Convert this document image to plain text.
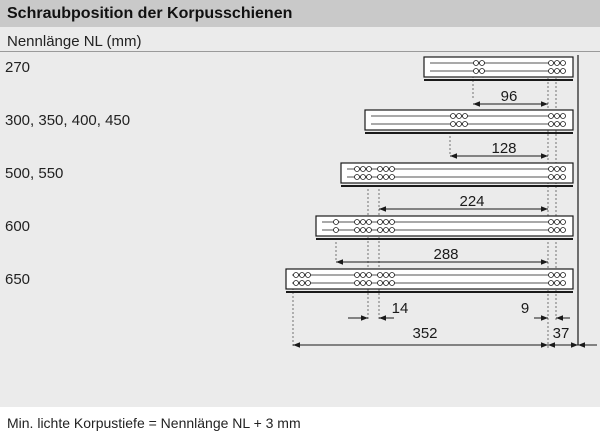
Schraubposition der Korpusschienen
Nennlänge NL (mm)
270
300, 350, 400, 450
500, 550
600
650
96
128
224
288
14	9
352	37
Min. lichte Korpustiefe = Nennlänge NL + 3 mm
